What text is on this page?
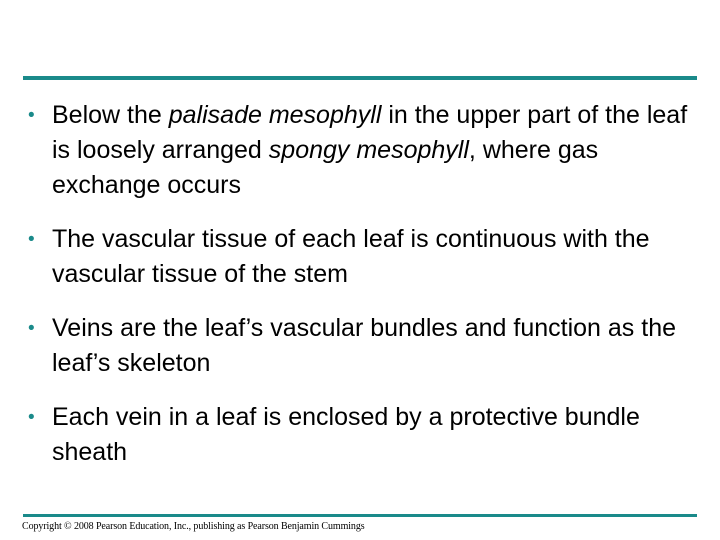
• Below the palisade mesophyll in the upper part of the leaf is loosely arranged spongy mesophyll, where gas exchange occurs
• The vascular tissue of each leaf is continuous with the vascular tissue of the stem
• Veins are the leaf’s vascular bundles and function as the leaf’s skeleton
• Each vein in a leaf is enclosed by a protective bundle sheath
Copyright © 2008 Pearson Education, Inc., publishing as Pearson Benjamin Cummings
